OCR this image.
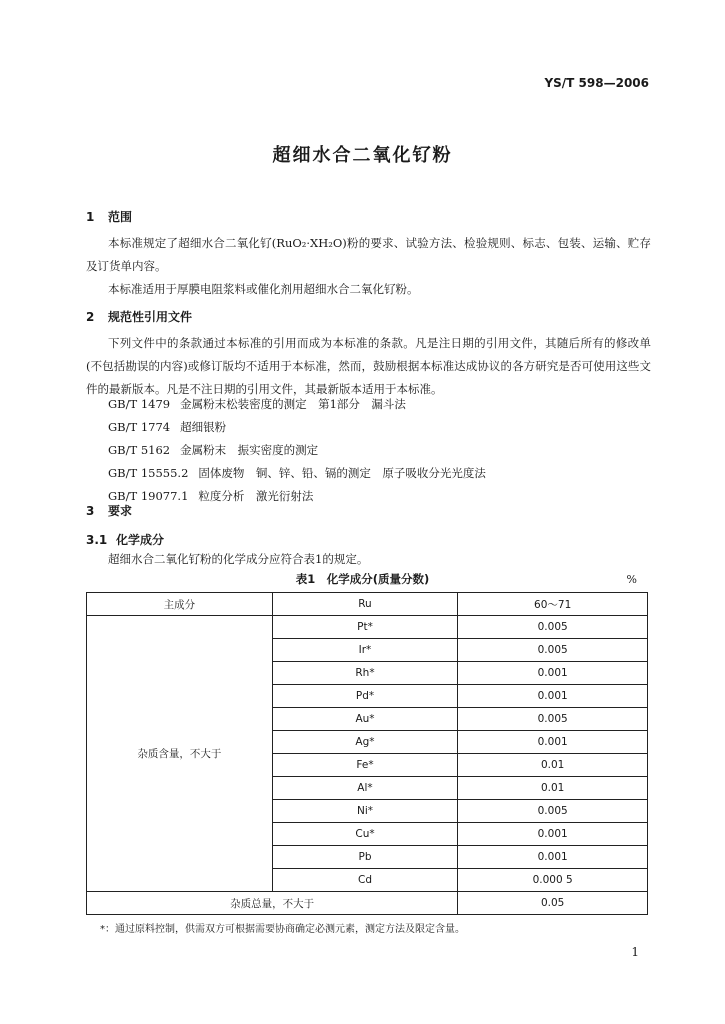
YS/T 598—2006
超细水合二氧化钌粉
1 范围
本标准规定了超细水合二氧化钌(RuO₂·XH₂O)粉的要求、试验方法、检验规则、标志、包装、运输、贮存及订货单内容。
本标准适用于厚膜电阻浆料或催化剂用超细水合二氧化钌粉。
2 规范性引用文件
下列文件中的条款通过本标准的引用而成为本标准的条款。凡是注日期的引用文件，其随后所有的修改单(不包括勘误的内容)或修订版均不适用于本标准，然而，鼓励根据本标准达成协议的各方研究是否可使用这些文件的最新版本。凡是不注日期的引用文件，其最新版本适用于本标准。
GB/T 1479 金属粉末松装密度的测定　第1部分　漏斗法
GB/T 1774 超细银粉
GB/T 5162 金属粉末　振实密度的测定
GB/T 15555.2 固体废物　铜、锌、铅、镉的测定　原子吸收分光光度法
GB/T 19077.1 粒度分析　激光衍射法
3 要求
3.1 化学成分
超细水合二氧化钌粉的化学成分应符合表1的规定。
表1　化学成分(质量分数)	%
主成分	Ru	60～71
杂质含量，不大于	Pt*	0.005
	Ir*	0.005
	Rh*	0.001
	Pd*	0.001
	Au*	0.005
	Ag*	0.001
	Fe*	0.01
	Al*	0.01
	Ni*	0.005
	Cu*	0.001
	Pb	0.001
	Cd	0.000 5
杂质总量，不大于		0.05
*：通过原料控制，供需双方可根据需要协商确定必测元素，测定方法及限定含量。
1
